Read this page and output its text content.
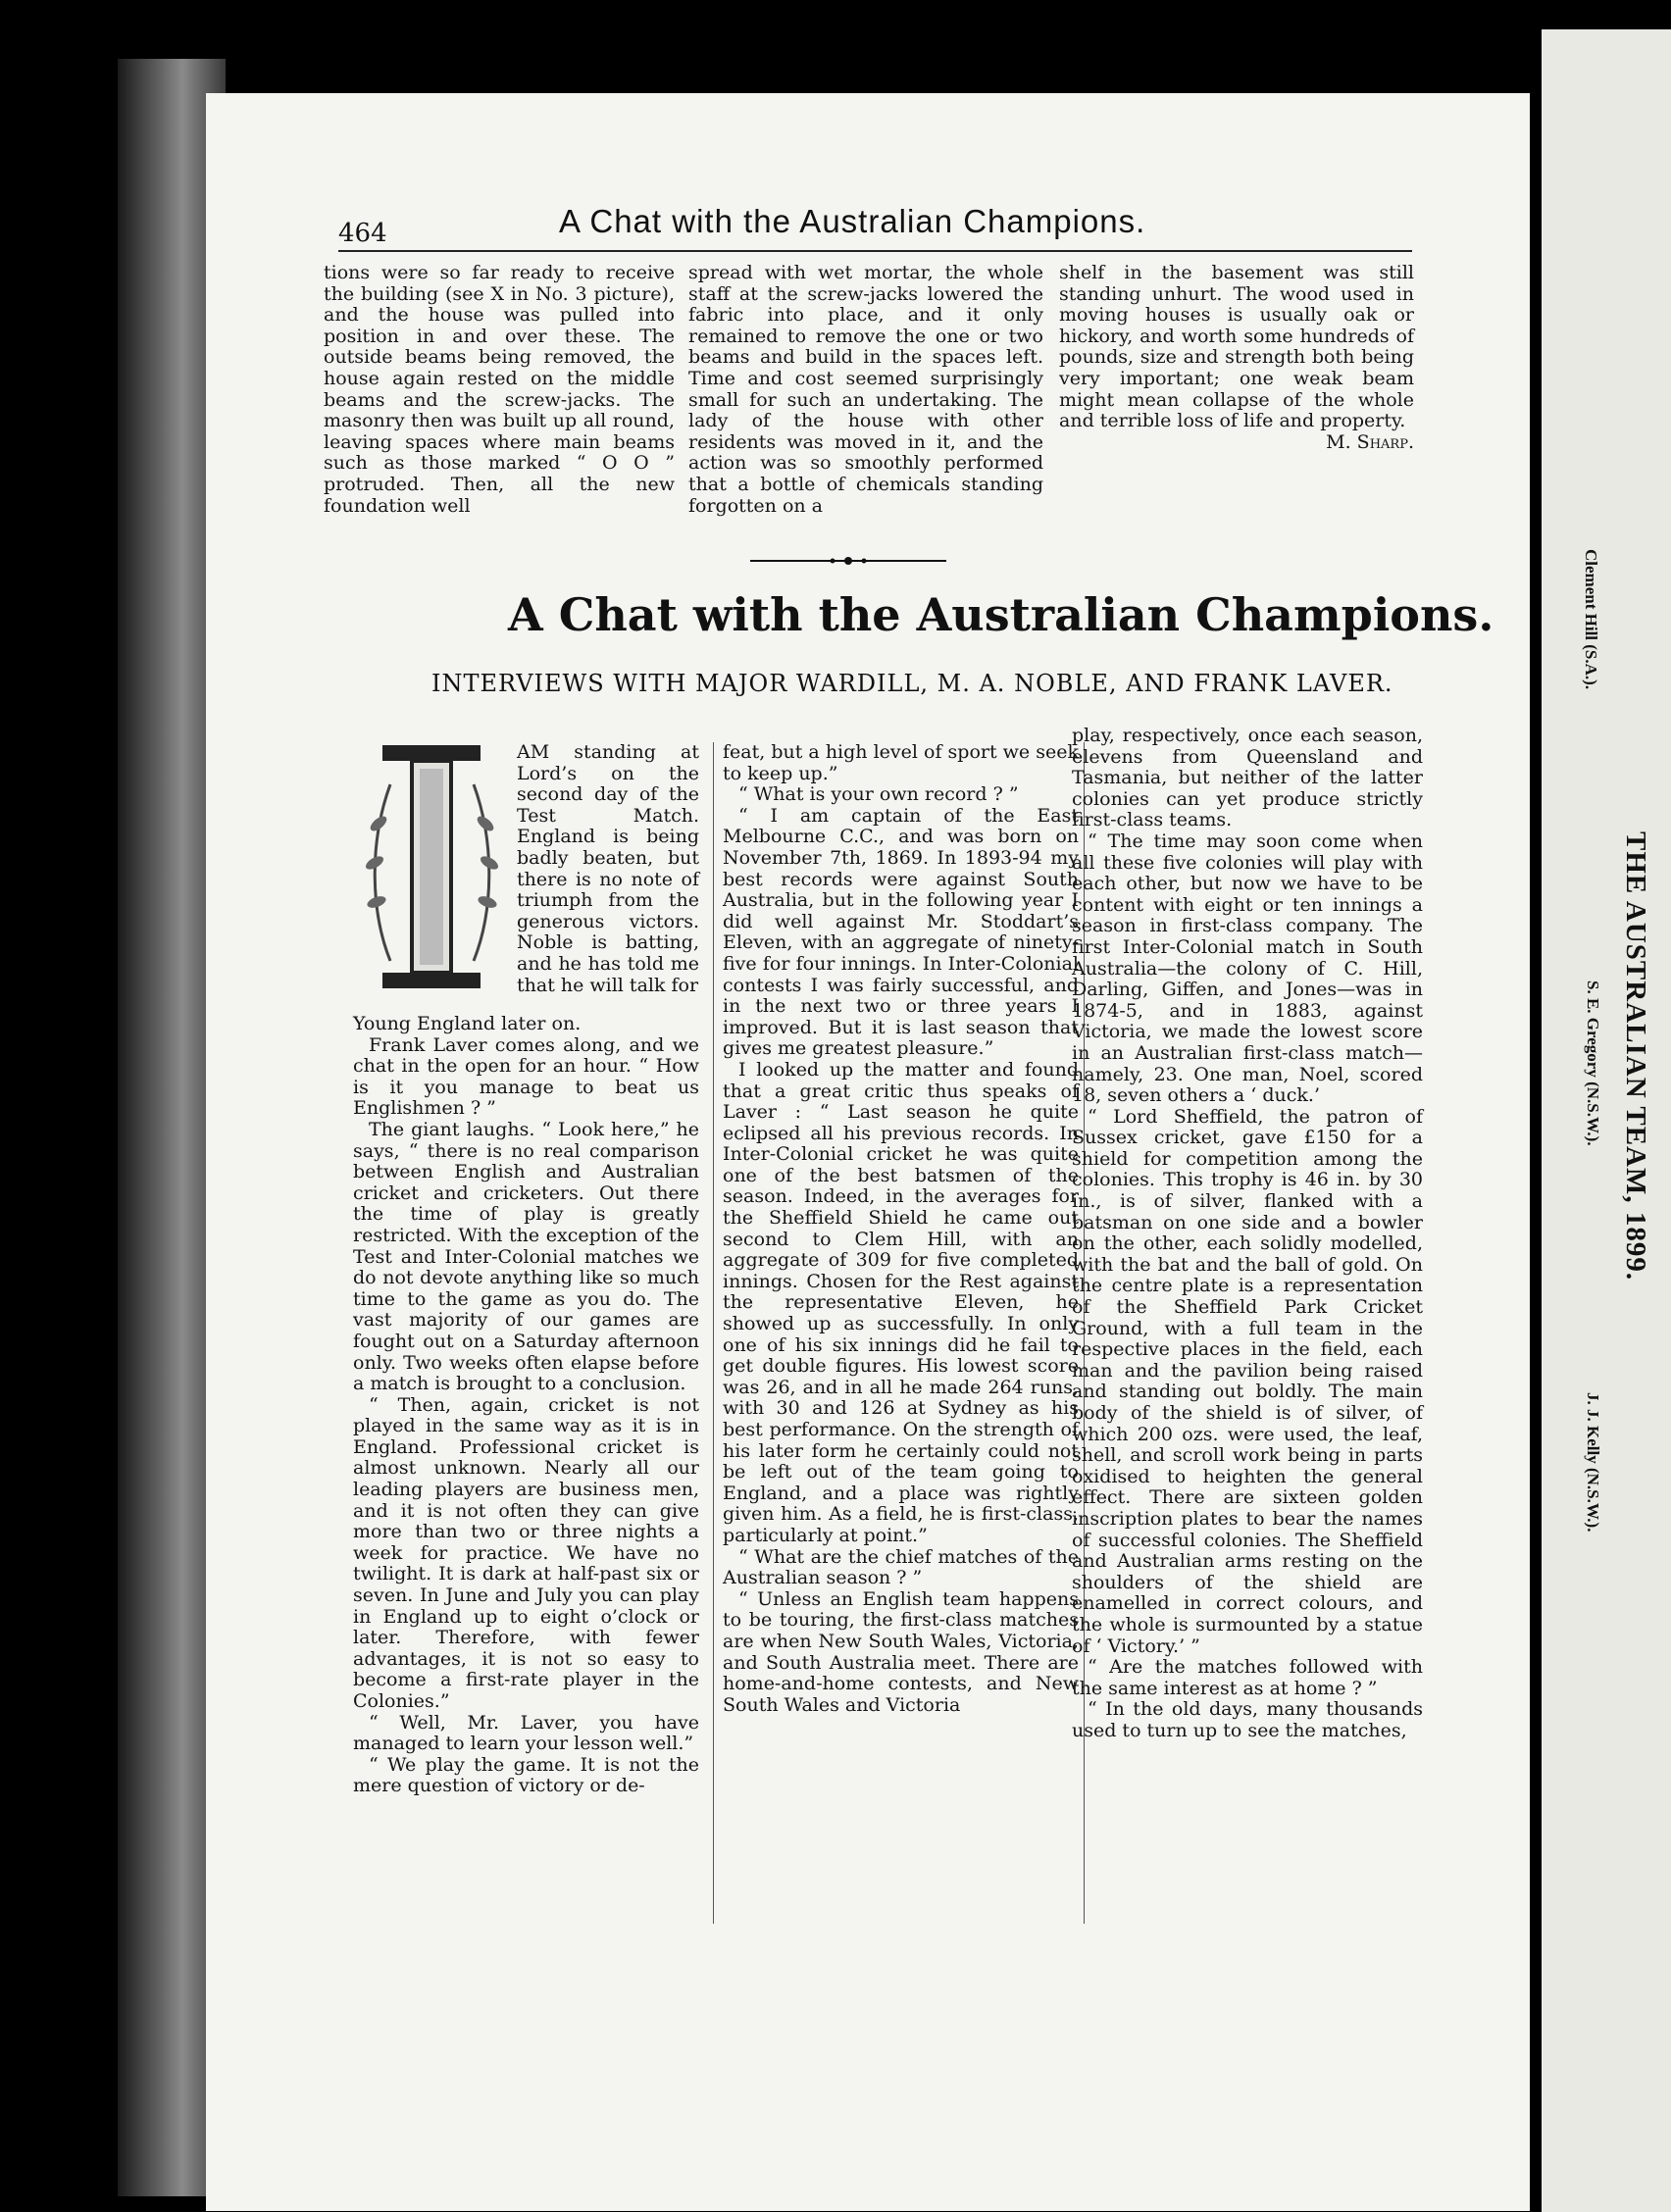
Clement Hill (S.A.).
S. E. Gregory (N.S.W.).
J. J. Kelly (N.S.W.).
THE AUSTRALIAN TEAM, 1899.
464	A Chat with the Australian Champions.

tions were so far ready to receive the building (see X in No. 3 picture), and the house was pulled into position in and over these. The outside beams being removed, the house again rested on the middle beams and the screw-jacks. The masonry then was built up all round, leaving spaces where main beams such as those marked “ O O ” protruded. Then, all the new foundation well

spread with wet mortar, the whole staff at the screw-jacks lowered the fabric into place, and it only remained to remove the one or two beams and build in the spaces left. Time and cost seemed surprisingly small for such an undertaking. The lady of the house with other residents was moved in it, and the action was so smoothly performed that a bottle of chemicals standing forgotten on a

shelf in the basement was still standing unhurt. The wood used in moving houses is usually oak or hickory, and worth some hundreds of pounds, size and strength both being very important; one weak beam might mean collapse of the whole and terrible loss of life and property.

M. Sharp.

A Chat with the Australian Champions.
INTERVIEWS WITH MAJOR WARDILL, M. A. NOBLE, AND FRANK LAVER.

AM standing at Lord’s on the second day of the Test Match. England is being badly beaten, but there is no note of triumph from the generous victors. Noble is batting, and he has told me that he will talk for

Young England later on.

Frank Laver comes along, and we chat in the open for an hour. “ How is it you manage to beat us Englishmen ? ”

The giant laughs. “ Look here,” he says, “ there is no real comparison between English and Australian cricket and cricketers. Out there the time of play is greatly restricted. With the exception of the Test and Inter-Colonial matches we do not devote anything like so much time to the game as you do. The vast majority of our games are fought out on a Saturday afternoon only. Two weeks often elapse before a match is brought to a conclusion.

“ Then, again, cricket is not played in the same way as it is in England. Professional cricket is almost unknown. Nearly all our leading players are business men, and it is not often they can give more than two or three nights a week for practice. We have no twilight. It is dark at half-past six or seven. In June and July you can play in England up to eight o’clock or later. Therefore, with fewer advantages, it is not so easy to become a first-rate player in the Colonies.”

“ Well, Mr. Laver, you have managed to learn your lesson well.”

“ We play the game. It is not the mere question of victory or de-

feat, but a high level of sport we seek to keep up.”

“ What is your own record ? ”

“ I am captain of the East Melbourne C.C., and was born on November 7th, 1869. In 1893-94 my best records were against South Australia, but in the following year I did well against Mr. Stoddart’s Eleven, with an aggregate of ninety-five for four innings. In Inter-Colonial contests I was fairly successful, and in the next two or three years I improved. But it is last season that gives me greatest pleasure.”

I looked up the matter and found that a great critic thus speaks of Laver : “ Last season he quite eclipsed all his previous records. In Inter-Colonial cricket he was quite one of the best batsmen of the season. Indeed, in the averages for the Sheffield Shield he came out second to Clem Hill, with an aggregate of 309 for five completed innings. Chosen for the Rest against the representative Eleven, he showed up as successfully. In only one of his six innings did he fail to get double figures. His lowest score was 26, and in all he made 264 runs, with 30 and 126 at Sydney as his best performance. On the strength of his later form he certainly could not be left out of the team going to England, and a place was rightly given him. As a field, he is first-class, particularly at point.”

“ What are the chief matches of the Australian season ? ”

“ Unless an English team happens to be touring, the first-class matches are when New South Wales, Victoria, and South Australia meet. There are home-and-home contests, and New South Wales and Victoria

play, respectively, once each season, elevens from Queensland and Tasmania, but neither of the latter colonies can yet produce strictly first-class teams.

“ The time may soon come when all these five colonies will play with each other, but now we have to be content with eight or ten innings a season in first-class company. The first Inter-Colonial match in South Australia—the colony of C. Hill, Darling, Giffen, and Jones—was in 1874-5, and in 1883, against Victoria, we made the lowest score in an Australian first-class match—namely, 23. One man, Noel, scored 18, seven others a ‘ duck.’

“ Lord Sheffield, the patron of Sussex cricket, gave £150 for a shield for competition among the colonies. This trophy is 46 in. by 30 in., is of silver, flanked with a batsman on one side and a bowler on the other, each solidly modelled, with the bat and the ball of gold. On the centre plate is a representation of the Sheffield Park Cricket Ground, with a full team in the respective places in the field, each man and the pavilion being raised and standing out boldly. The main body of the shield is of silver, of which 200 ozs. were used, the leaf, shell, and scroll work being in parts oxidised to heighten the general effect. There are sixteen golden inscription plates to bear the names of successful colonies. The Sheffield and Australian arms resting on the shoulders of the shield are enamelled in correct colours, and the whole is surmounted by a statue of ‘ Victory.’ ”

“ Are the matches followed with the same interest as at home ? ”

“ In the old days, many thousands used to turn up to see the matches,
